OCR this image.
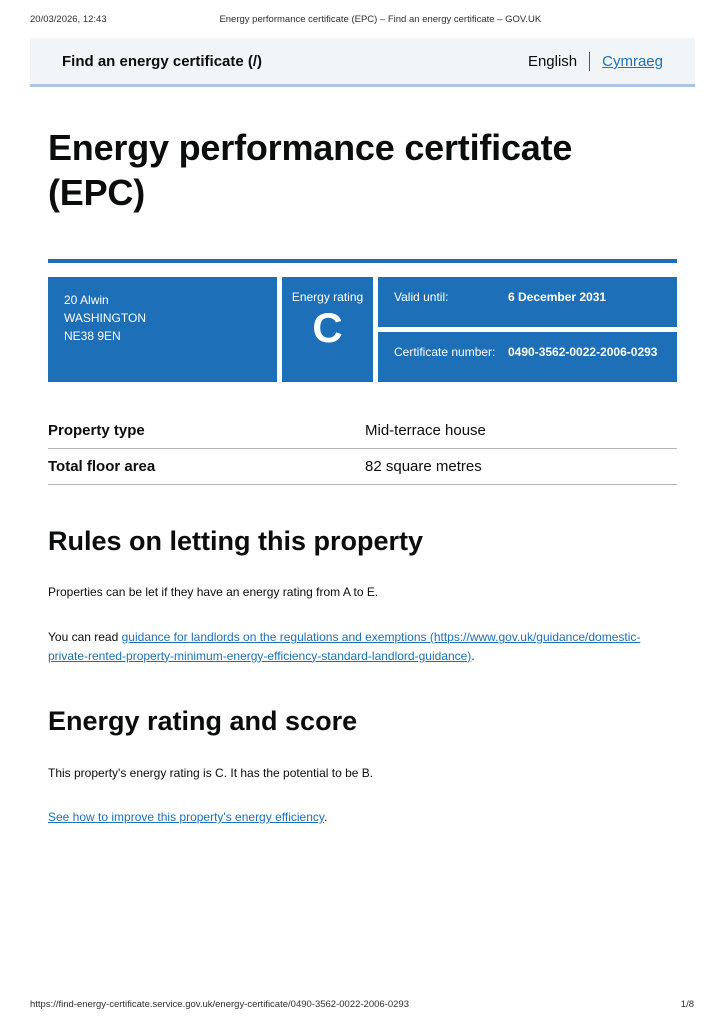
20/03/2026, 12:43	Energy performance certificate (EPC) – Find an energy certificate – GOV.UK
Find an energy certificate (/)	English Cymraeg
Energy performance certificate (EPC)
20 Alwin
WASHINGTON
NE38 9EN
Energy rating
C
Valid until:	6 December 2031
Certificate number: 0490-3562-0022-2006-0293
Property type	Mid-terrace house
Total floor area	82 square metres
Rules on letting this property

Properties can be let if they have an energy rating from A to E.

You can read guidance for landlords on the regulations and exemptions (https://www.gov.uk/guidance/domestic-private-rented-property-minimum-energy-efficiency-standard-landlord-guidance).

Energy rating and score

This property's energy rating is C. It has the potential to be B.

See how to improve this property's energy efficiency.

https://find-energy-certificate.service.gov.uk/energy-certificate/0490-3562-0022-2006-0293	1/8
